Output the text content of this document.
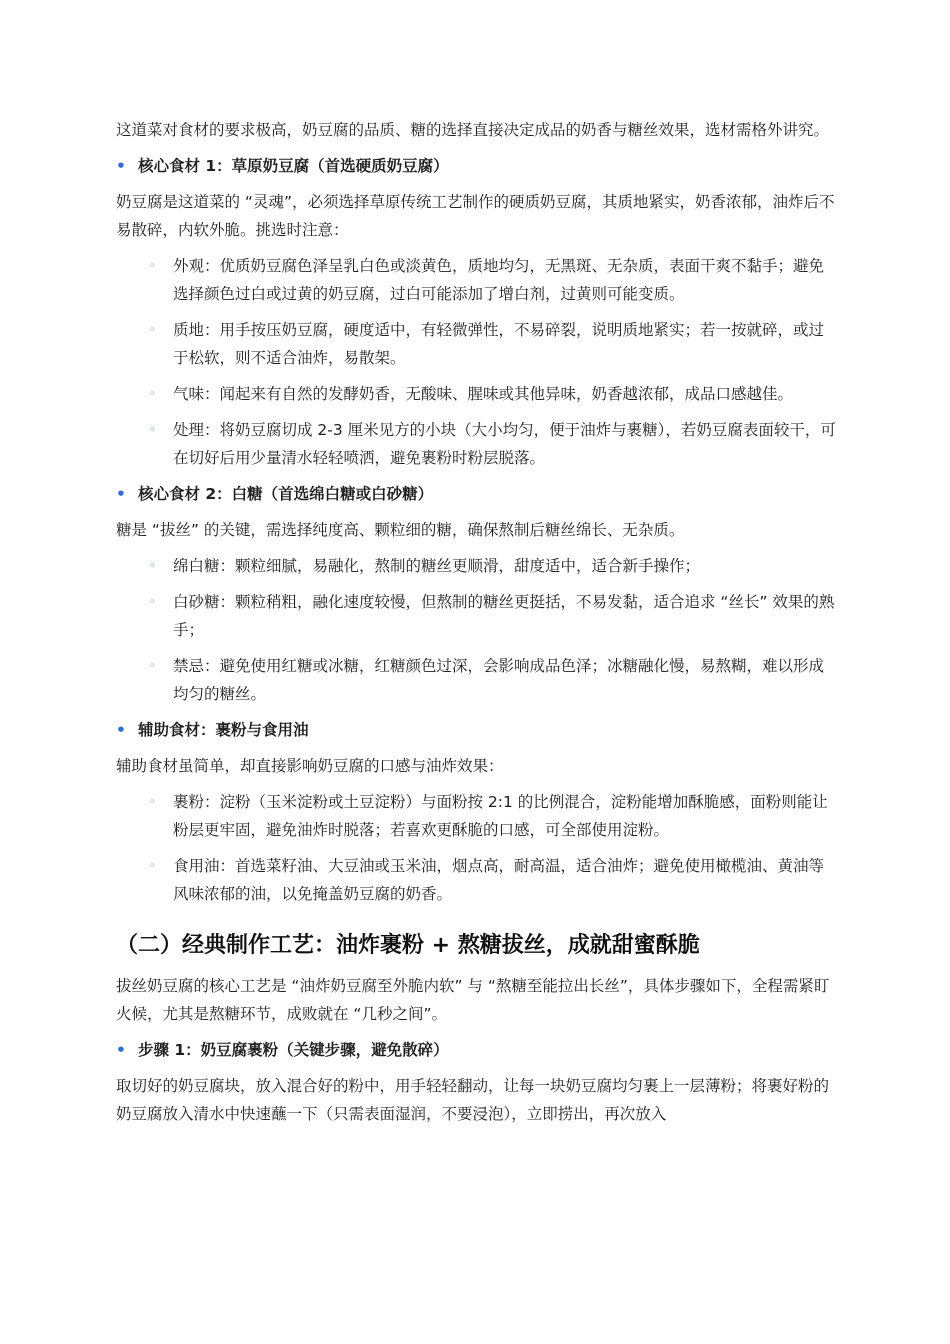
这道菜对食材的要求极高，奶豆腐的品质、糖的选择直接决定成品的奶香与糖丝效果，选材需格外讲究。

• 核心食材 1：草原奶豆腐（首选硬质奶豆腐）

奶豆腐是这道菜的 “灵魂”，必须选择草原传统工艺制作的硬质奶豆腐，其质地紧实，奶香浓郁，油炸后不易散碎，内软外脆。挑选时注意：

◦ 外观：优质奶豆腐色泽呈乳白色或淡黄色，质地均匀，无黑斑、无杂质，表面干爽不黏手；避免选择颜色过白或过黄的奶豆腐，过白可能添加了增白剂，过黄则可能变质。
◦ 质地：用手按压奶豆腐，硬度适中，有轻微弹性，不易碎裂，说明质地紧实；若一按就碎，或过于松软，则不适合油炸，易散架。
◦ 气味：闻起来有自然的发酵奶香，无酸味、腥味或其他异味，奶香越浓郁，成品口感越佳。
◦ 处理：将奶豆腐切成 2-3 厘米见方的小块（大小均匀，便于油炸与裹糖），若奶豆腐表面较干，可在切好后用少量清水轻轻喷洒，避免裹粉时粉层脱落。
• 核心食材 2：白糖（首选绵白糖或白砂糖）

糖是 “拔丝” 的关键，需选择纯度高、颗粒细的糖，确保熬制后糖丝绵长、无杂质。

◦ 绵白糖：颗粒细腻，易融化，熬制的糖丝更顺滑，甜度适中，适合新手操作；
◦ 白砂糖：颗粒稍粗，融化速度较慢，但熬制的糖丝更挺括，不易发黏，适合追求 “丝长” 效果的熟手；
◦ 禁忌：避免使用红糖或冰糖，红糖颜色过深，会影响成品色泽；冰糖融化慢，易熬糊，难以形成均匀的糖丝。
• 辅助食材：裹粉与食用油

辅助食材虽简单，却直接影响奶豆腐的口感与油炸效果：

◦ 裹粉：淀粉（玉米淀粉或土豆淀粉）与面粉按 2:1 的比例混合，淀粉能增加酥脆感，面粉则能让粉层更牢固，避免油炸时脱落；若喜欢更酥脆的口感，可全部使用淀粉。
◦ 食用油：首选菜籽油、大豆油或玉米油，烟点高，耐高温，适合油炸；避免使用橄榄油、黄油等风味浓郁的油，以免掩盖奶豆腐的奶香。
（二）经典制作工艺：油炸裹粉 + 熬糖拔丝，成就甜蜜酥脆

拔丝奶豆腐的核心工艺是 “油炸奶豆腐至外脆内软” 与 “熬糖至能拉出长丝”，具体步骤如下，全程需紧盯火候，尤其是熬糖环节，成败就在 “几秒之间”。

• 步骤 1：奶豆腐裹粉（关键步骤，避免散碎）

取切好的奶豆腐块，放入混合好的粉中，用手轻轻翻动，让每一块奶豆腐均匀裹上一层薄粉；将裹好粉的奶豆腐放入清水中快速蘸一下（只需表面湿润，不要浸泡），立即捞出，再次放入
